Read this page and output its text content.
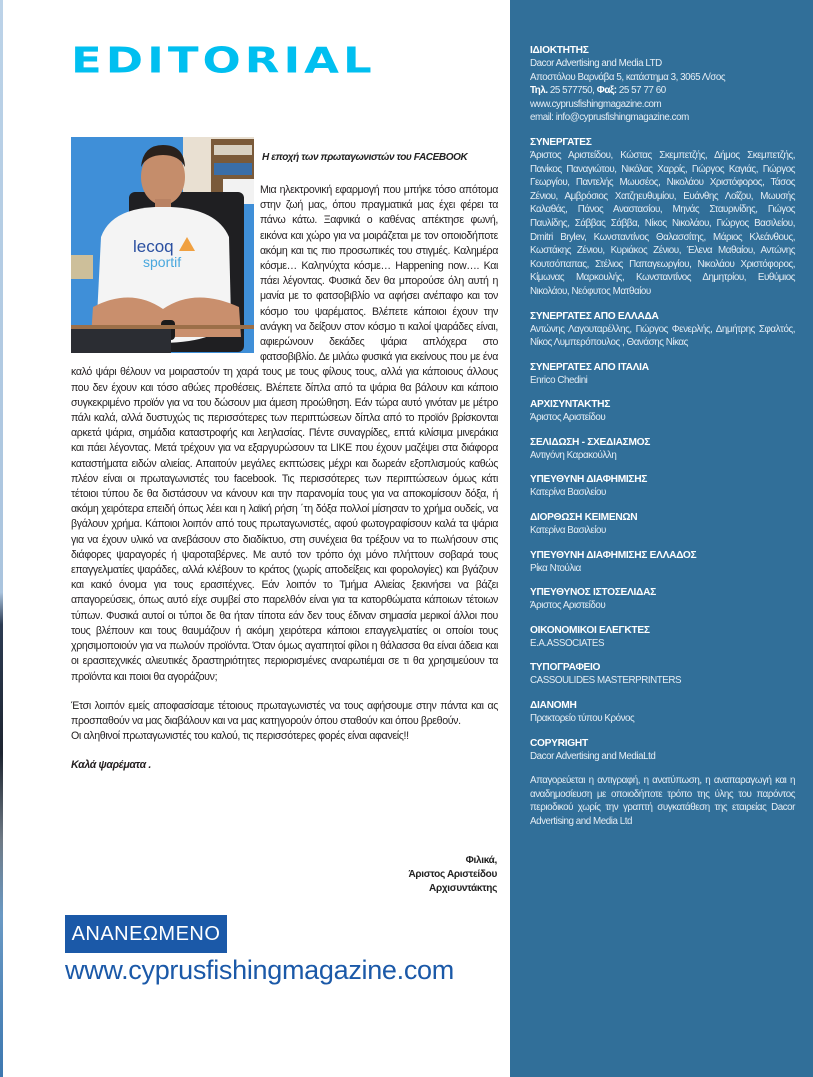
EDITORIAL
lecoq
sportif
Η εποχή των πρωταγωνιστών του FACEBOOK

Μια ηλεκτρονική εφαρμογή που μπήκε τόσο απότομα στην ζωή μας, όπου πραγματικά μας έχει φέρει τα πάνω κάτω. Ξαφνικά ο καθένας απέκτησε φωνή, εικόνα και χώρο για να μοιράζεται με τον οποιοδήποτε ακόμη και τις πιο προσωπικές του στιγμές. Καλημέρα κόσμε… Καληνύχτα κόσμε… Happening now…. Και πάει λέγοντας. Φυσικά δεν θα μπορούσε όλη αυτή η μανία με το φατσοβιβλίο να αφήσει ανέπαφο και τον κόσμο του ψαρέματος. Βλέπετε κάποιοι έχουν την ανάγκη να δείξουν στον κόσμο τι καλοί ψαράδες είναι, αφιερώνουν δεκάδες ψάρια απλόχερα στο φατσοβιβλίο. Δε μιλάω φυσικά για εκείνους που με ένα καλό ψάρι θέλουν να μοιραστούν τη χαρά τους με τους φίλους τους, αλλά για κάποιους άλλους που δεν έχουν και τόσο αθώες προθέσεις. Βλέπετε δίπλα από τα ψάρια θα βάλουν και κάποιο συγκεκριμένο προϊόν για να του δώσουν μια άμεση προώθηση. Εάν τώρα αυτό γινόταν με μέτρο πάλι καλά, αλλά δυστυχώς τις περισσότερες των περιπτώσεων δίπλα από το προϊόν βρίσκονται αρκετά ψάρια, σημάδια καταστροφής και λεηλασίας. Πέντε συναγρίδες, επτά κιλίσιμα μινεράκια και πάει λέγοντας. Μετά τρέχουν για να εξαργυρώσουν τα LIKE που έχουν μαζέψει στα διάφορα καταστήματα ειδών αλιείας. Απαιτούν μεγάλες εκπτώσεις μέχρι και δωρεάν εξοπλισμούς καθώς πλέον είναι οι πρωταγωνιστές του facebook. Τις περισσότερες των περιπτώσεων όμως κάτι τέτοιοι τύπου δε θα διστάσουν να κάνουν και την παρανομία τους για να αποκομίσουν δόξα, ή ακόμη χειρότερα επειδή όπως λέει και η λαϊκή ρήση ΄τη δόξα πολλοί μίσησαν το χρήμα ουδείς, να βγάλουν χρήμα. Κάποιοι λοιπόν από τους πρωταγωνιστές, αφού φωτογραφίσουν καλά τα ψάρια για να έχουν υλικό να ανεβάσουν στο διαδίκτυο, στη συνέχεια θα τρέξουν να το πωλήσουν στις διάφορες ψαραγορές ή ψαροταβέρνες. Με αυτό τον τρόπο όχι μόνο πλήττουν σοβαρά τους επαγγελματίες ψαράδες, αλλά κλέβουν το κράτος (χωρίς αποδείξεις και φορολογίες) και βγάζουν και κακό όνομα για τους ερασιτέχνες. Εάν λοιπόν το Τμήμα Αλιείας ξεκινήσει να βάζει απαγορεύσεις, όπως αυτό είχε συμβεί στο παρελθόν είναι για τα κατορθώματα κάποιων τέτοιων τύπων. Φυσικά αυτοί οι τύποι δε θα ήταν τίποτα εάν δεν τους έδιναν σημασία μερικοί άλλοι που τους βλέπουν και τους θαυμάζουν ή ακόμη χειρότερα κάποιοι επαγγελματίες οι οποίοι τους χρησιμοποιούν για να πωλούν προϊόντα. Όταν όμως αγαπητοί φίλοι η θάλασσα θα είναι άδεια και οι ερασιτεχνικές αλιευτικές δραστηριότητες περιορισμένες αναρωτιέμαι σε τι θα χρησιμεύουν τα προϊόντα και ποιοι θα αγοράζουν;

Έτσι λοιπόν εμείς αποφασίσαμε τέτοιους πρωταγωνιστές να τους αφήσουμε στην πάντα και ας προσπαθούν να μας διαβάλουν και να μας κατηγορούν όπου σταθούν και όπου βρεθούν.

Οι αληθινοί πρωταγωνιστές του καλού, τις περισσότερες φορές είναι αφανείς!!

Καλά ψαρέματα .

Φιλικά,
Άριστος Αριστείδου
Αρχισυντάκτης
ΑΝΑΝΕΩΜΕΝΟ
www.cyprusfishingmagazine.com
ΙΔΙΟΚΤΗΤΗΣ

Dacor Advertising and Media LTD
Αποστόλου Βαρνάβα 5, κατάστημα 3, 3065 Λ/σος
Τηλ. 25 577750, Φαξ: 25 57 77 60
www.cyprusfishingmagazine.com
email: info@cyprusfishingmagazine.com

ΣΥΝΕΡΓΑΤΕΣ

Άριστος Αριστείδου, Κώστας Σκεμπετζής, Δήμος Σκεμπετζής, Πανίκος Παναγιώτου, Νικόλας Χαρρίς, Γιώργος Καγιάς, Γιώργος Γεωργίου, Παντελής Μωυσέος, Νικολάου Χριστόφορος, Τάσος Ζένιου, Αμβρόσιος Χατζηευθυμίου, Ευάνθης Λοΐζου, Μωυσής Καλαθάς, Πάνος Αναστασίου, Μηνάς Σταυρινίδης, Γιώγος Παυλίδης, Σάββας Σάββα, Νίκος Νικολάου, Γιώργος Βασιλείου, Dmitri Brylev, Κωνσταντίνος Θαλασσίτης, Μάριος Κλεάνθους, Κωστάκης Ζένιου, Κυριάκος Ζένιου, Έλενα Μαθαίου, Αντώνης Κουτσόπαπας, Στέλιος Παπαγεωργίου, Νικολάου Χριστόφορος, Κίμωνας Μαρκουλής, Κωνσταντίνος Δημητρίου, Ευθύμιος Νικολάου, Νεόφυτος Ματθαίου

ΣΥΝΕΡΓΑΤΕΣ ΑΠΟ ΕΛΛΑΔΑ

Αντώνης Λαγουταρέλλης, Γιώργος Φενερλής, Δημήτρης Σφαλτός, Νίκος Λυμπερόπουλος , Θανάσης Νίκας

ΣΥΝΕΡΓΑΤΕΣ ΑΠΟ ΙΤΑΛΙΑ

Enrico Chedini

ΑΡΧΙΣΥΝΤΑΚΤΗΣ

Άριστος Αριστείδου

ΣΕΛΙΔΩΣΗ - ΣΧΕΔΙΑΣΜΟΣ

Αντιγόνη Καρακούλλη

ΥΠΕΥΘΥΝΗ ΔΙΑΦΗΜΙΣΗΣ

Κατερίνα Βασιλείου

ΔΙΟΡΘΩΣΗ ΚΕΙΜΕΝΩΝ

Κατερίνα Βασιλείου

ΥΠΕΥΘΥΝΗ ΔΙΑΦΗΜΙΣΗΣ ΕΛΛΑΔΟΣ

Ρίκα Ντούλια

ΥΠΕΥΘΥΝΟΣ ΙΣΤΟΣΕΛΙΔΑΣ

Άριστος Αριστείδου

ΟΙΚΟΝΟΜΙΚΟΙ ΕΛΕΓΚΤΕΣ

E.A.ASSOCIATES

ΤΥΠΟΓΡΑΦΕΙΟ

CASSOULIDES MASTERPRINTERS

ΔΙΑΝΟΜΗ

Πρακτορείο τύπου Κρόνος

COPYRIGHT

Dacor Advertising and MediaLtd

Απαγορεύεται η αντιγραφή, η ανατύπωση, η αναπαραγωγή και η αναδημοσίευση με οποιοδήποτε τρόπο της ύλης του παρόντος περιοδικού χωρίς την γραπτή συγκατάθεση της εταιρείας Dacor Advertising and Media Ltd
